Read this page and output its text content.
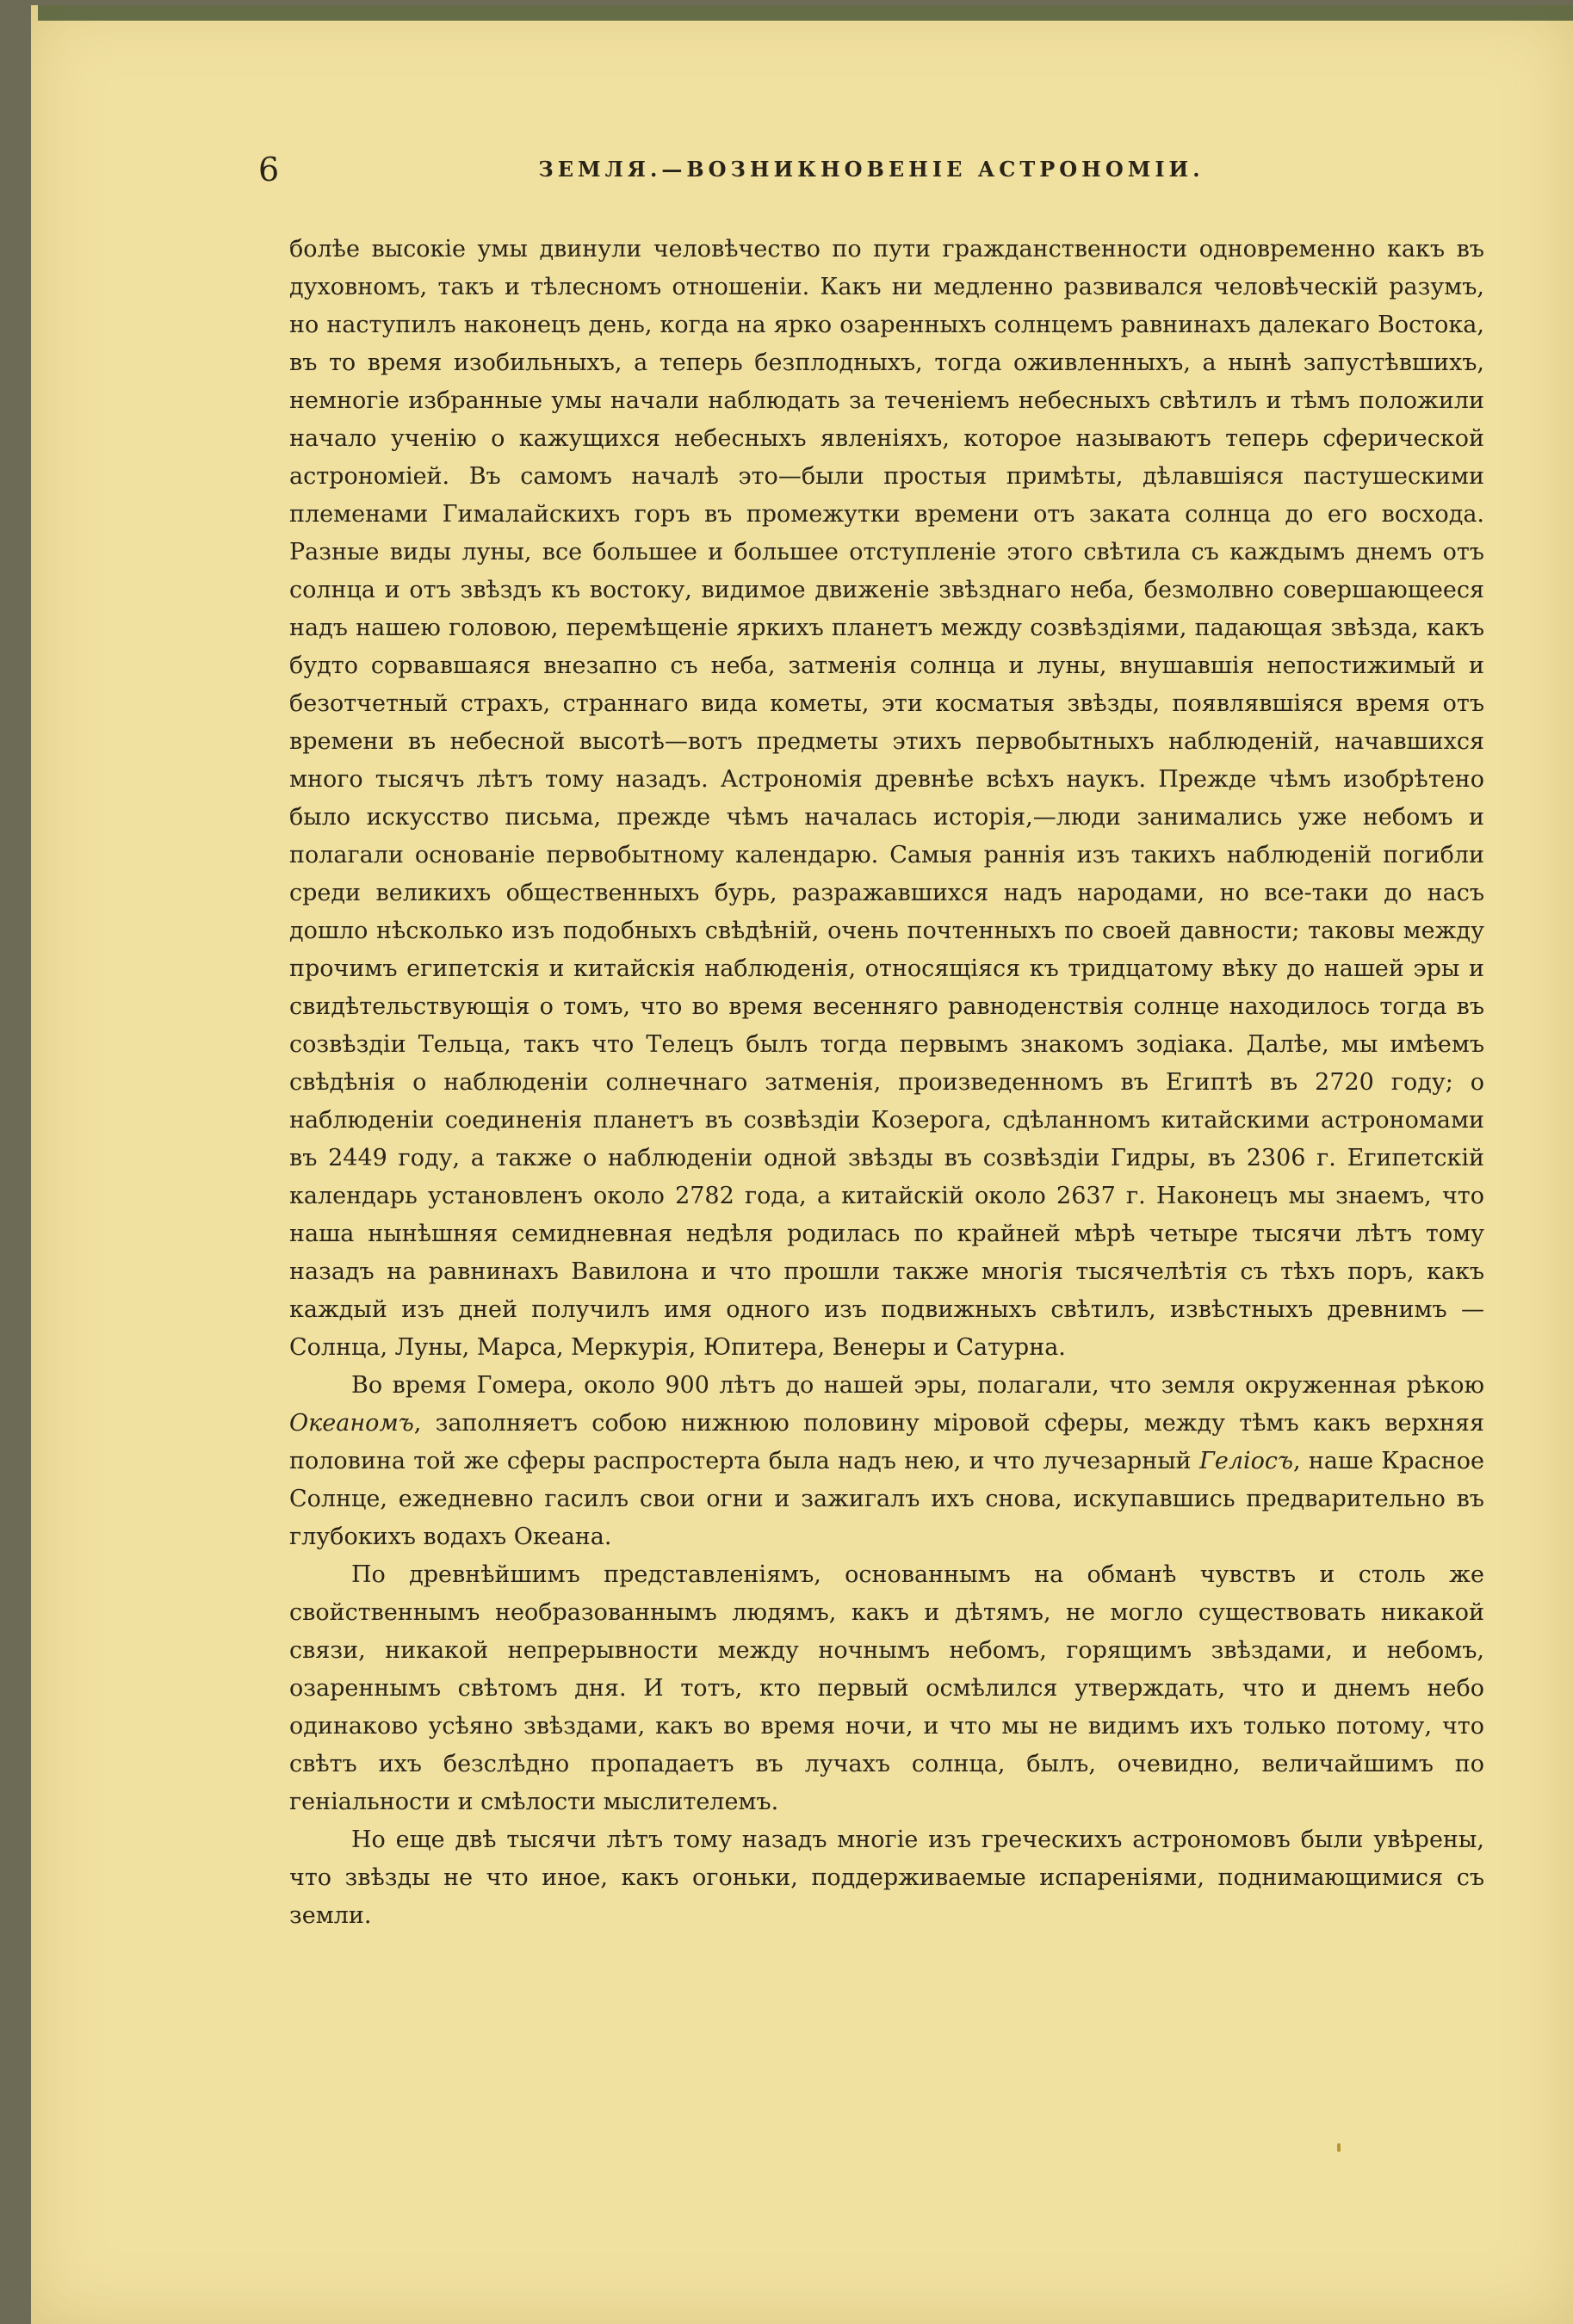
6	ЗЕМЛЯ.—ВОЗНИКНОВЕНІЕ АСТРОНОМІИ.

болѣе высокіе умы двинули человѣчество по пути гражданственности одновременно какъ въ духовномъ, такъ и тѣлесномъ отношеніи. Какъ ни медленно развивался человѣческій разумъ, но наступилъ наконецъ день, когда на ярко озаренныхъ солнцемъ равнинахъ далекаго Востока, въ то время изобильныхъ, а теперь безплодныхъ, тогда оживленныхъ, а нынѣ запустѣвшихъ, немногіе избранные умы начали наблюдать за теченіемъ небесныхъ свѣтилъ и тѣмъ положили начало ученію о кажущихся небесныхъ явленіяхъ, которое называютъ теперь сферической астрономіей. Въ самомъ началѣ это—были простыя примѣты, дѣлавшіяся пастушескими племенами Гималайскихъ горъ въ промежутки времени отъ заката солнца до его восхода. Разные виды луны, все большее и большее отступленіе этого свѣтила съ каждымъ днемъ отъ солнца и отъ звѣздъ къ востоку, видимое движеніе звѣзднаго неба, безмолвно совершающееся надъ нашею головою, перемѣщеніе яркихъ планетъ между созвѣздіями, падающая звѣзда, какъ будто сорвавшаяся внезапно съ неба, затменія солнца и луны, внушавшія непостижимый и безотчетный страхъ, страннаго вида кометы, эти косматыя звѣзды, появлявшіяся время отъ времени въ небесной высотѣ—вотъ предметы этихъ первобытныхъ наблюденій, начавшихся много тысячъ лѣтъ тому назадъ. Астрономія древнѣе всѣхъ наукъ. Прежде чѣмъ изобрѣтено было искусство письма, прежде чѣмъ началась исторія,—люди занимались уже небомъ и полагали основаніе первобытному календарю. Самыя раннія изъ такихъ наблюденій погибли среди великихъ общественныхъ бурь, разражавшихся надъ народами, но все-таки до насъ дошло нѣсколько изъ подобныхъ свѣдѣній, очень почтенныхъ по своей давности; таковы между прочимъ египетскія и китайскія наблюденія, относящіяся къ тридцатому вѣку до нашей эры и свидѣтельствующія о томъ, что во время весенняго равноденствія солнце находилось тогда въ созвѣздіи Тельца, такъ что Телецъ былъ тогда первымъ знакомъ зодіака. Далѣе, мы имѣемъ свѣдѣнія о наблюденіи солнечнаго затменія, произведенномъ въ Египтѣ въ 2720 году; о наблюденіи соединенія планетъ въ созвѣздіи Козерога, сдѣланномъ китайскими астрономами въ 2449 году, а также о наблюденіи одной звѣзды въ созвѣздіи Гидры, въ 2306 г. Египетскій календарь установленъ около 2782 года, а китайскій около 2637 г. Наконецъ мы знаемъ, что наша нынѣшняя семидневная недѣля родилась по крайней мѣрѣ четыре тысячи лѣтъ тому назадъ на равнинахъ Вавилона и что прошли также многія тысячелѣтія съ тѣхъ поръ, какъ каждый изъ дней получилъ имя одного изъ подвижныхъ свѣтилъ, извѣстныхъ древнимъ — Солнца, Луны, Марса, Меркурія, Юпитера, Венеры и Сатурна.

Во время Гомера, около 900 лѣтъ до нашей эры, полагали, что земля окруженная рѣкою Океаномъ, заполняетъ собою нижнюю половину міровой сферы, между тѣмъ какъ верхняя половина той же сферы распростерта была надъ нею, и что лучезарный Геліосъ, наше Красное Солнце, ежедневно гасилъ свои огни и зажигалъ ихъ снова, искупавшись предварительно въ глубокихъ водахъ Океана.

По древнѣйшимъ представленіямъ, основаннымъ на обманѣ чувствъ и столь же свойственнымъ необразованнымъ людямъ, какъ и дѣтямъ, не могло существовать никакой связи, никакой непрерывности между ночнымъ небомъ, горящимъ звѣздами, и небомъ, озареннымъ свѣтомъ дня. И тотъ, кто первый осмѣлился утверждать, что и днемъ небо одинаково усѣяно звѣздами, какъ во время ночи, и что мы не видимъ ихъ только потому, что свѣтъ ихъ безслѣдно пропадаетъ въ лучахъ солнца, былъ, очевидно, величайшимъ по геніальности и смѣлости мыслителемъ.

Но еще двѣ тысячи лѣтъ тому назадъ многіе изъ греческихъ астрономовъ были увѣрены, что звѣзды не что иное, какъ огоньки, поддерживаемые испареніями, поднимающимися съ земли.
